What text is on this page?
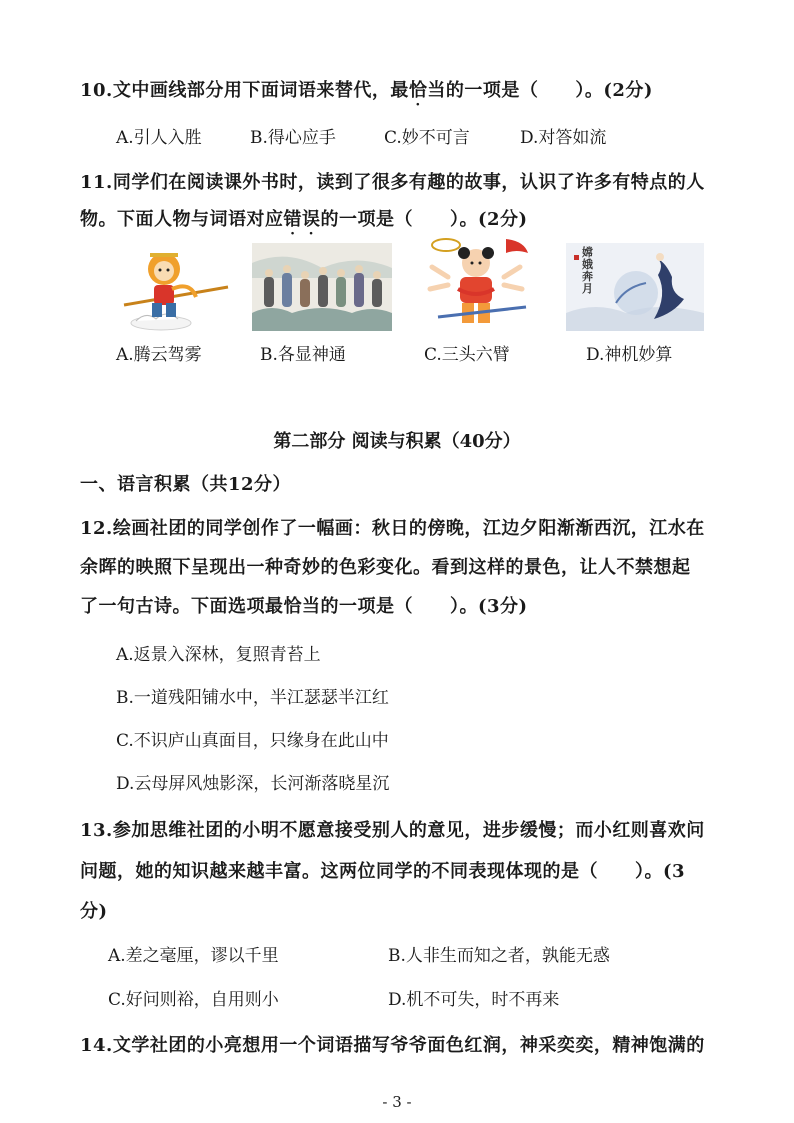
10.文中画线部分用下面词语来替代，最恰当的一项是（　　）。(2分)
A.引人入胜	B.得心应手	C.妙不可言	D.对答如流
11.同学们在阅读课外书时，读到了很多有趣的故事，认识了许多有特点的人
物。下面人物与词语对应错误的一项是（　　）。(2分)
嫦娥奔月
A.腾云驾雾	B.各显神通	C.三头六臂	D.神机妙算
第二部分 阅读与积累（40分）
一、语言积累（共12分）
12.绘画社团的同学创作了一幅画：秋日的傍晚，江边夕阳渐渐西沉，江水在
余晖的映照下呈现出一种奇妙的色彩变化。看到这样的景色，让人不禁想起
了一句古诗。下面选项最恰当的一项是（　　）。(3分)
A.返景入深林，复照青苔上
B.一道残阳铺水中，半江瑟瑟半江红
C.不识庐山真面目，只缘身在此山中
D.云母屏风烛影深，长河渐落晓星沉
13.参加思维社团的小明不愿意接受别人的意见，进步缓慢；而小红则喜欢问
问题，她的知识越来越丰富。这两位同学的不同表现体现的是（　　）。(3
分)
A.差之毫厘，谬以千里	B.人非生而知之者，孰能无惑
C.好问则裕，自用则小	D.机不可失，时不再来
14.文学社团的小亮想用一个词语描写爷爷面色红润，神采奕奕，精神饱满的
- 3 -
